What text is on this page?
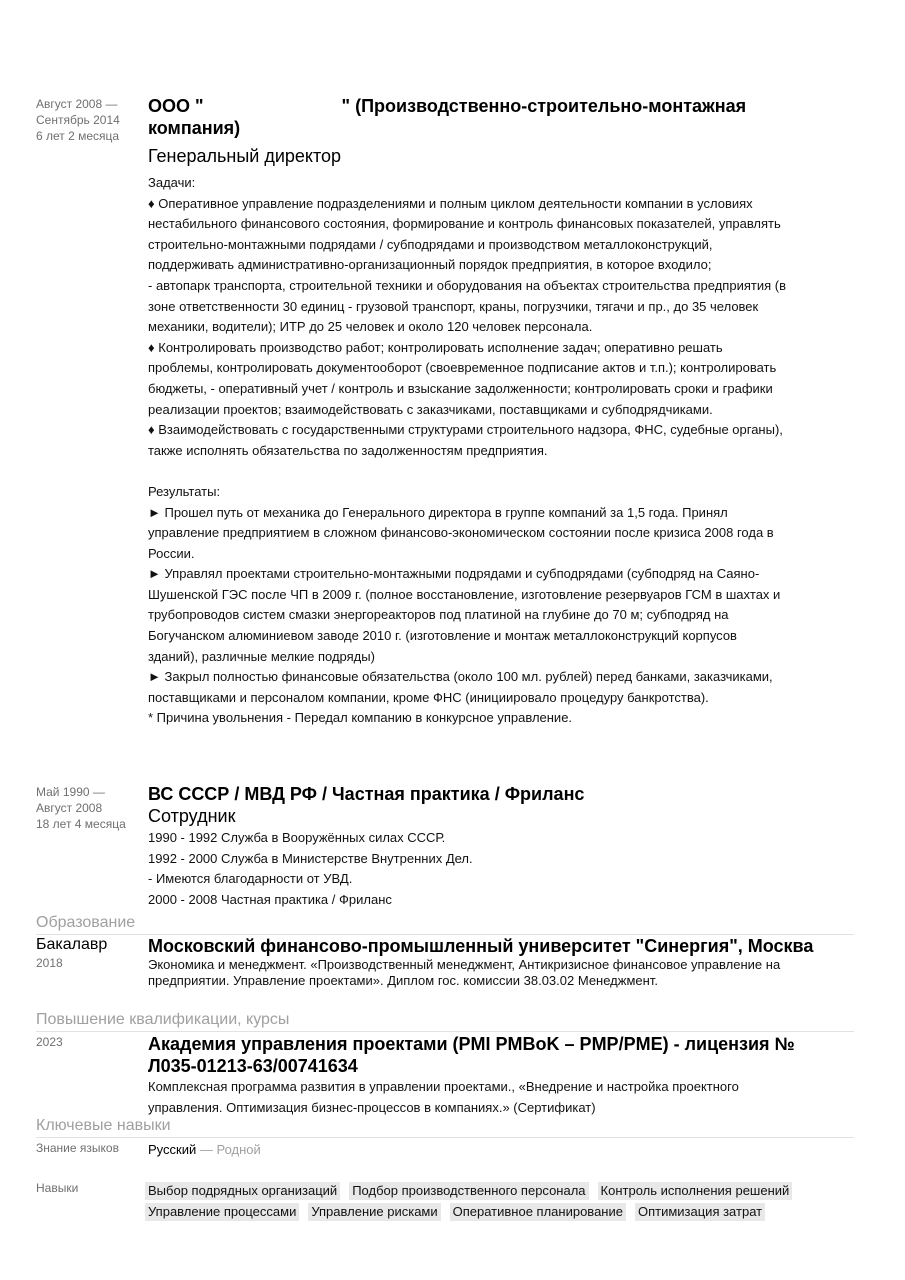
Август 2008 —
Сентябрь 2014
6 лет 2 месяца
ООО "	" (Производственно-строительно-монтажная
компания)
Генеральный директор
Задачи:
♦ Оперативное управление подразделениями и полным циклом деятельности компании в условиях
нестабильного финансового состояния, формирование и контроль финансовых показателей, управлять
строительно-монтажными подрядами / субподрядами и производством металлоконструкций,
поддерживать административно-организационный порядок предприятия, в которое входило;
- автопарк транспорта, строительной техники и оборудования на объектах строительства предприятия (в
зоне ответственности 30 единиц - грузовой транспорт, краны, погрузчики, тягачи и пр., до 35 человек
механики, водители); ИТР до 25 человек и около 120 человек персонала.
♦ Контролировать производство работ; контролировать исполнение задач; оперативно решать
проблемы, контролировать документооборот (своевременное подписание актов и т.п.); контролировать
бюджеты, - оперативный учет / контроль и взыскание задолженности; контролировать сроки и графики
реализации проектов; взаимодействовать с заказчиками, поставщиками и субподрядчиками.
♦ Взаимодействовать с государственными структурами строительного надзора, ФНС, судебные органы),
также исполнять обязательства по задолженностям предприятия.
Результаты:
► Прошел путь от механика до Генерального директора в группе компаний за 1,5 года. Принял
управление предприятием в сложном финансово-экономическом состоянии после кризиса 2008 года в
России.
► Управлял проектами строительно-монтажными подрядами и субподрядами (субподряд на Саяно-
Шушенской ГЭС после ЧП в 2009 г. (полное восстановление, изготовление резервуаров ГСМ в шахтах и
трубопроводов систем смазки энергореакторов под платиной на глубине до 70 м; субподряд на
Богучанском алюминиевом заводе 2010 г. (изготовление и монтаж металлоконструкций корпусов
зданий), различные мелкие подряды)
► Закрыл полностью финансовые обязательства (около 100 мл. рублей) перед банками, заказчиками,
поставщиками и персоналом компании, кроме ФНС (инициировало процедуру банкротства).
* Причина увольнения - Передал компанию в конкурсное управление.
Май 1990 —
Август 2008
18 лет 4 месяца
ВС СССР / МВД РФ / Частная практика / Фриланс
Сотрудник
1990 - 1992 Служба в Вооружённых силах СССР.
1992 - 2000 Служба в Министерстве Внутренних Дел.
- Имеются благодарности от УВД.
2000 - 2008 Частная практика / Фриланс
Образование
Бакалавр
2018
Московский финансово-промышленный университет "Синергия", Москва
Экономика и менеджмент. «Производственный менеджмент, Антикризисное финансовое управление на
предприятии. Управление проектами». Диплом гос. комиссии 38.03.02 Менеджмент.
Повышение квалификации, курсы
2023	Академия управления проектами (PMI PMBoK – PMP/PME) - лицензия №
Л035-01213-63/00741634
Комплексная программа развития в управлении проектами., «Внедрение и настройка проектного
управления. Оптимизация бизнес-процессов в компаниях.» (Сертификат)
Ключевые навыки
Знание языков Русский — Родной
Навыки	Выбор подрядных организаций Подбор производственного персонала Контроль исполнения решений
Управление процессами Управление рисками Оперативное планирование Оптимизация затрат
